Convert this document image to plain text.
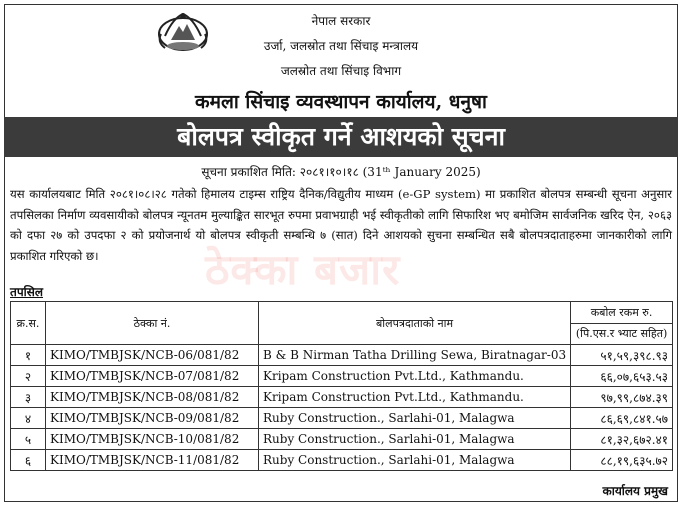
नेपाल सरकार
उर्जा, जलस्रोत तथा सिंचाइ मन्त्रालय
जलस्रोत तथा सिंचाइ विभाग
कमला सिंचाइ व्यवस्थापन कार्यालय, धनुषा
बोलपत्र स्वीकृत गर्ने आशयको सूचना
सूचना प्रकाशित मिति: २०८१।१०।१८ (31ᵗʰ January 2025)
ठेक्का बजार
यस कार्यालयबाट मिति २०८१।०८।२८ गतेको हिमालय टाइम्स राष्ट्रिय दैनिक/विद्युतीय माध्यम (e-GP system) मा प्रकाशित बोलपत्र सम्बन्धी सूचना अनुसार तपसिलका निर्माण व्यवसायीको बोलपत्र न्यूनतम मुल्याङ्कित सारभूत रुपमा प्रवाभग्राही भई स्वीकृतीको लागि सिफारिश भए बमोजिम सार्वजनिक खरिद ऐन, २०६३ को दफा २७ को उपदफा २ को प्रयोजनार्थ यो बोलपत्र स्वीकृती सम्बन्धि ७ (सात) दिने आशयको सुचना सम्बन्धित सबै बोलपत्रदाताहरुमा जानकारीको लागि प्रकाशित गरिएको छ।
तपसिल
क्र.स.	ठेक्का नं.	बोलपत्रदाताको नाम	कबोल रकम रु.
(पि.एस.र भ्याट सहित)

१	KIMO/TMBJSK/NCB-06/081/82	B & B Nirman Tatha Drilling Sewa, Biratnagar-03	५१,५९,३९८.९३
२	KIMO/TMBJSK/NCB-07/081/82	Kripam Construction Pvt.Ltd., Kathmandu.	६६,०७,६५३.५३
३	KIMO/TMBJSK/NCB-08/081/82	Kripam Construction Pvt.Ltd., Kathmandu.	९७,९९,८७४.३९
४	KIMO/TMBJSK/NCB-09/081/82	Ruby Construction., Sarlahi-01, Malagwa	८६,६९,८४१.५७
५	KIMO/TMBJSK/NCB-10/081/82	Ruby Construction., Sarlahi-01, Malagwa	८१,३२,६७२.४१
६	KIMO/TMBJSK/NCB-11/081/82	Ruby Construction., Sarlahi-01, Malagwa	८८,१९,६३५.७२
कार्यालय प्रमुख
